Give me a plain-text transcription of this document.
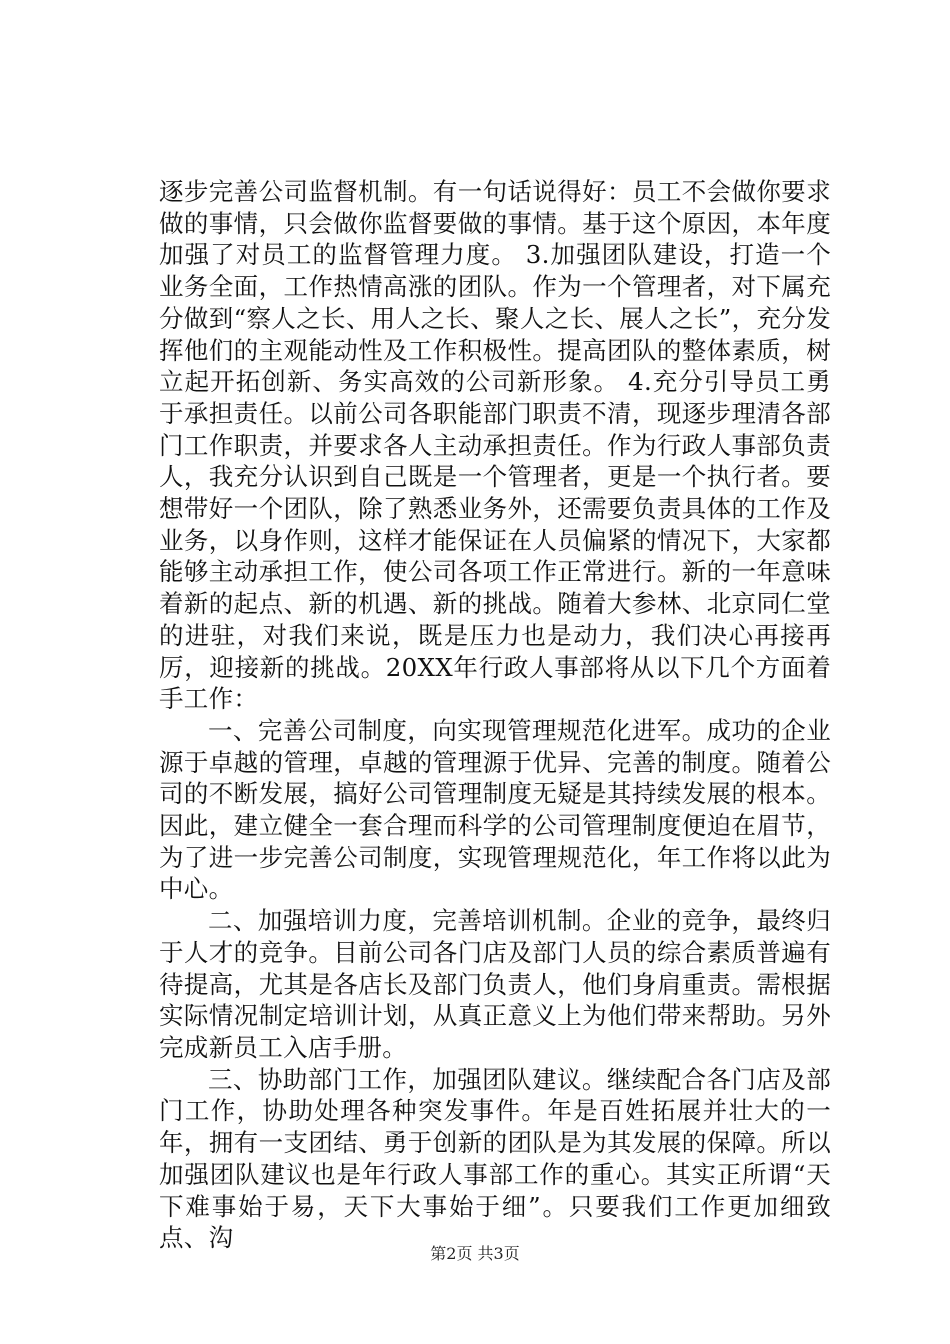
逐步完善公司监督机制。有一句话说得好：员工不会做你要求做的事情，只会做你监督要做的事情。基于这个原因，本年度加强了对员工的监督管理力度。 3.加强团队建设，打造一个业务全面，工作热情高涨的团队。作为一个管理者，对下属充分做到“察人之长、用人之长、聚人之长、展人之长”，充分发挥他们的主观能动性及工作积极性。提高团队的整体素质，树立起开拓创新、务实高效的公司新形象。 4.充分引导员工勇于承担责任。以前公司各职能部门职责不清，现逐步理清各部门工作职责，并要求各人主动承担责任。作为行政人事部负责人，我充分认识到自己既是一个管理者，更是一个执行者。要想带好一个团队，除了熟悉业务外，还需要负责具体的工作及业务，以身作则，这样才能保证在人员偏紧的情况下，大家都能够主动承担工作，使公司各项工作正常进行。新的一年意味着新的起点、新的机遇、新的挑战。随着大参林、北京同仁堂的进驻，对我们来说，既是压力也是动力，我们决心再接再厉，迎接新的挑战。20XX年行政人事部将从以下几个方面着手工作：

一、完善公司制度，向实现管理规范化进军。成功的企业源于卓越的管理，卓越的管理源于优异、完善的制度。随着公司的不断发展，搞好公司管理制度无疑是其持续发展的根本。因此，建立健全一套合理而科学的公司管理制度便迫在眉节，为了进一步完善公司制度，实现管理规范化，年工作将以此为中心。

二、加强培训力度，完善培训机制。企业的竞争，最终归于人才的竞争。目前公司各门店及部门人员的综合素质普遍有待提高，尤其是各店长及部门负责人，他们身肩重责。需根据实际情况制定培训计划，从真正意义上为他们带来帮助。另外完成新员工入店手册。

三、协助部门工作，加强团队建议。继续配合各门店及部门工作，协助处理各种突发事件。年是百姓拓展并壮大的一年，拥有一支团结、勇于创新的团队是为其发展的保障。所以加强团队建议也是年行政人事部工作的重心。其实正所谓“天下难事始于易，天下大事始于细”。只要我们工作更加细致点、沟

第2页 共3页
